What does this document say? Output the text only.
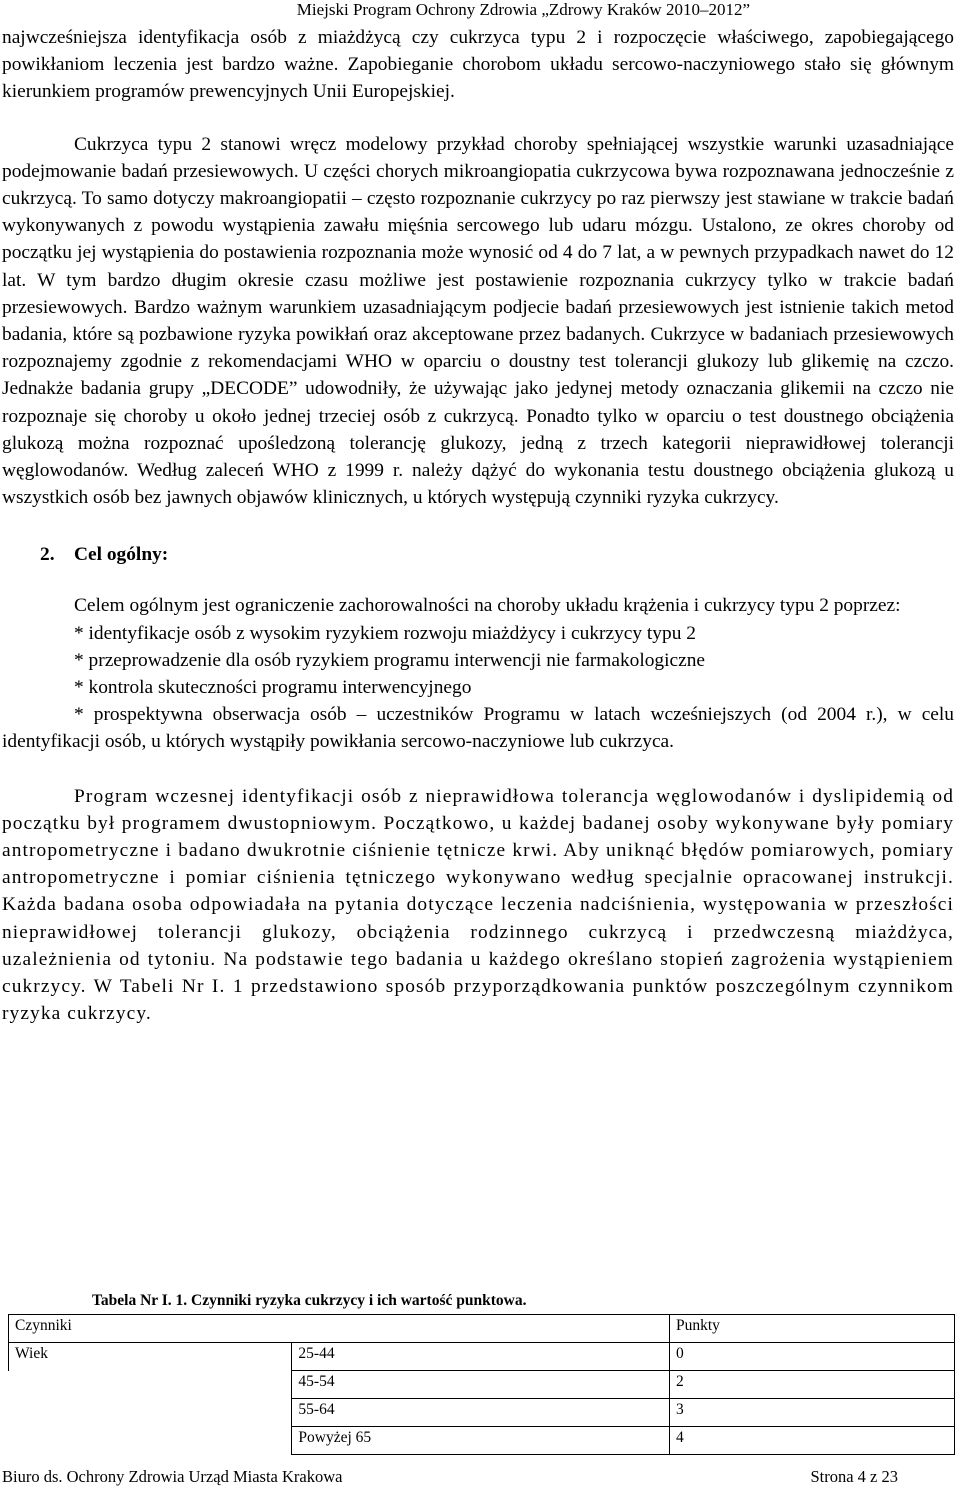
Miejski Program Ochrony Zdrowia „Zdrowy Kraków 2010–2012”

najwcześniejsza identyfikacja osób z miażdżycą czy cukrzyca typu 2 i rozpoczęcie właściwego, zapobiegającego powikłaniom leczenia jest bardzo ważne. Zapobieganie chorobom układu sercowo-naczyniowego stało się głównym kierunkiem programów prewencyjnych Unii Europejskiej.

Cukrzyca typu 2 stanowi wręcz modelowy przykład choroby spełniającej wszystkie warunki uzasadniające podejmowanie badań przesiewowych. U części chorych mikroangiopatia cukrzycowa bywa rozpoznawana jednocześnie z cukrzycą. To samo dotyczy makroangiopatii – często rozpoznanie cukrzycy po raz pierwszy jest stawiane w trakcie badań wykonywanych z powodu wystąpienia zawału mięśnia sercowego lub udaru mózgu. Ustalono, ze okres choroby od początku jej wystąpienia do postawienia rozpoznania może wynosić od 4 do 7 lat, a w pewnych przypadkach nawet do 12 lat. W tym bardzo długim okresie czasu możliwe jest postawienie rozpoznania cukrzycy tylko w trakcie badań przesiewowych. Bardzo ważnym warunkiem uzasadniającym podjecie badań przesiewowych jest istnienie takich metod badania, które są pozbawione ryzyka powikłań oraz akceptowane przez badanych. Cukrzyce w badaniach przesiewowych rozpoznajemy zgodnie z rekomendacjami WHO w oparciu o doustny test tolerancji glukozy lub glikemię na czczo. Jednakże badania grupy „DECODE” udowodniły, że używając jako jedynej metody oznaczania glikemii na czczo nie rozpoznaje się choroby u około jednej trzeciej osób z cukrzycą. Ponadto tylko w oparciu o test doustnego obciążenia glukozą można rozpoznać upośledzoną tolerancję glukozy, jedną z trzech kategorii nieprawidłowej tolerancji węglowodanów. Według zaleceń WHO z 1999 r. należy dążyć do wykonania testu doustnego obciążenia glukozą u wszystkich osób bez jawnych objawów klinicznych, u których występują czynniki ryzyka cukrzycy.

2. Cel ogólny:

Celem ogólnym jest ograniczenie zachorowalności na choroby układu krążenia i cukrzycy typu 2 poprzez:

* identyfikacje osób z wysokim ryzykiem rozwoju miażdżycy i cukrzycy typu 2

* przeprowadzenie dla osób ryzykiem programu interwencji nie farmakologiczne

* kontrola skuteczności programu interwencyjnego

* prospektywna obserwacja osób – uczestników Programu w latach wcześniejszych (od 2004 r.), w celu identyfikacji osób, u których wystąpiły powikłania sercowo-naczyniowe lub cukrzyca.

Program wczesnej identyfikacji osób z nieprawidłowa tolerancja węglowodanów i dyslipidemią od początku był programem dwustopniowym. Początkowo, u każdej badanej osoby wykonywane były pomiary antropometryczne i badano dwukrotnie ciśnienie tętnicze krwi. Aby uniknąć błędów pomiarowych, pomiary antropometryczne i pomiar ciśnienia tętniczego wykonywano według specjalnie opracowanej instrukcji. Każda badana osoba odpowiadała na pytania dotyczące leczenia nadciśnienia, występowania w przeszłości nieprawidłowej tolerancji glukozy, obciążenia rodzinnego cukrzycą i przedwczesną miażdżyca, uzależnienia od tytoniu. Na podstawie tego badania u każdego określano stopień zagrożenia wystąpieniem cukrzycy. W Tabeli Nr I. 1 przedstawiono sposób przyporządkowania punktów poszczególnym czynnikom ryzyka cukrzycy.

Tabela Nr I. 1. Czynniki ryzyka cukrzycy i ich wartość punktowa.
Czynniki		Punkty
Wiek	25-44	0
	45-54	2
	55-64	3
	Powyżej 65	4
Biuro ds. Ochrony Zdrowia Urząd Miasta Krakowa	Strona 4 z 23
